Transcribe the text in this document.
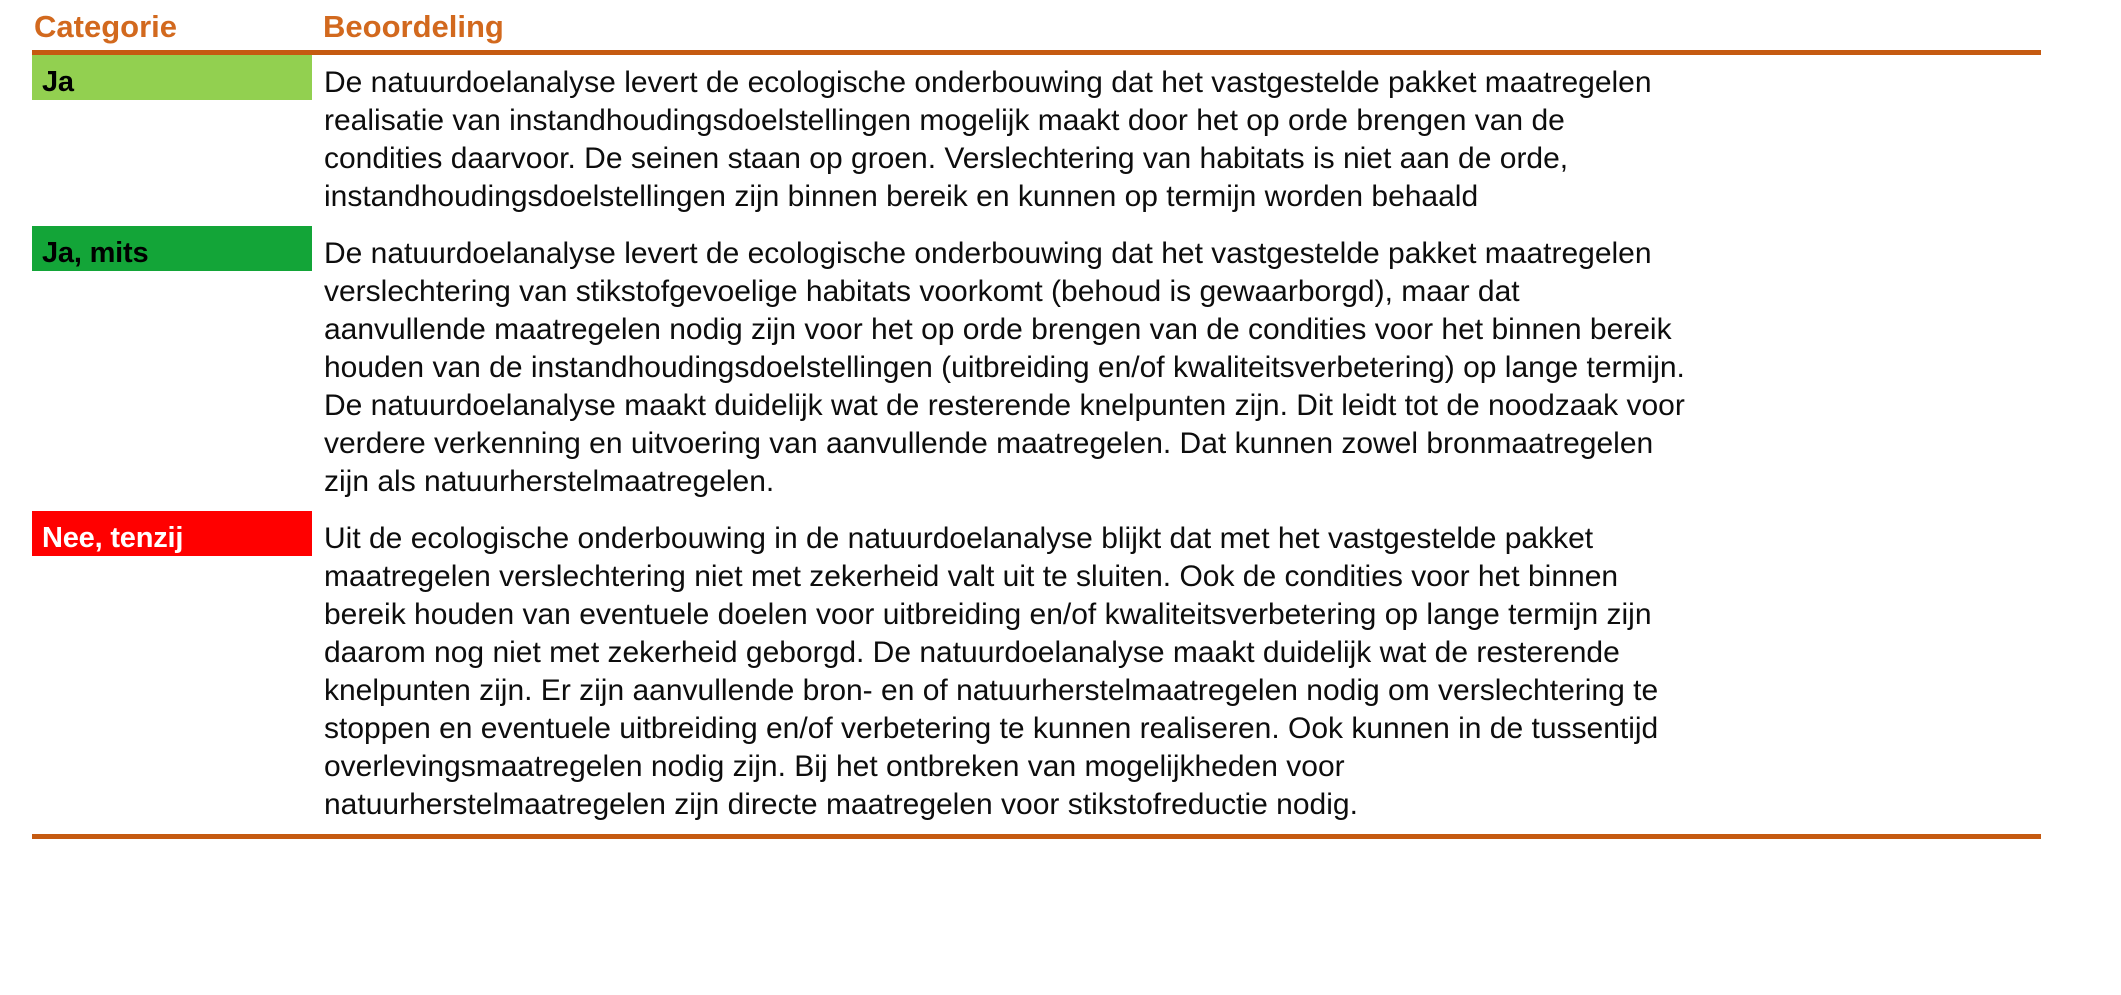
Categorie	Beoordeling

Ja	De natuurdoelanalyse levert de ecologische onderbouwing dat het vastgestelde pakket maatregelen
realisatie van instandhoudingsdoelstellingen mogelijk maakt door het op orde brengen van de
condities daarvoor. De seinen staan op groen. Verslechtering van habitats is niet aan de orde,
instandhoudingsdoelstellingen zijn binnen bereik en kunnen op termijn worden behaald

Ja, mits	De natuurdoelanalyse levert de ecologische onderbouwing dat het vastgestelde pakket maatregelen
verslechtering van stikstofgevoelige habitats voorkomt (behoud is gewaarborgd), maar dat
aanvullende maatregelen nodig zijn voor het op orde brengen van de condities voor het binnen bereik
houden van de instandhoudingsdoelstellingen (uitbreiding en/of kwaliteitsverbetering) op lange termijn.
De natuurdoelanalyse maakt duidelijk wat de resterende knelpunten zijn. Dit leidt tot de noodzaak voor
verdere verkenning en uitvoering van aanvullende maatregelen. Dat kunnen zowel bronmaatregelen
zijn als natuurherstelmaatregelen.

Nee, tenzij	Uit de ecologische onderbouwing in de natuurdoelanalyse blijkt dat met het vastgestelde pakket
maatregelen verslechtering niet met zekerheid valt uit te sluiten. Ook de condities voor het binnen
bereik houden van eventuele doelen voor uitbreiding en/of kwaliteitsverbetering op lange termijn zijn
daarom nog niet met zekerheid geborgd. De natuurdoelanalyse maakt duidelijk wat de resterende
knelpunten zijn. Er zijn aanvullende bron- en of natuurherstelmaatregelen nodig om verslechtering te
stoppen en eventuele uitbreiding en/of verbetering te kunnen realiseren. Ook kunnen in de tussentijd
overlevingsmaatregelen nodig zijn. Bij het ontbreken van mogelijkheden voor
natuurherstelmaatregelen zijn directe maatregelen voor stikstofreductie nodig.
